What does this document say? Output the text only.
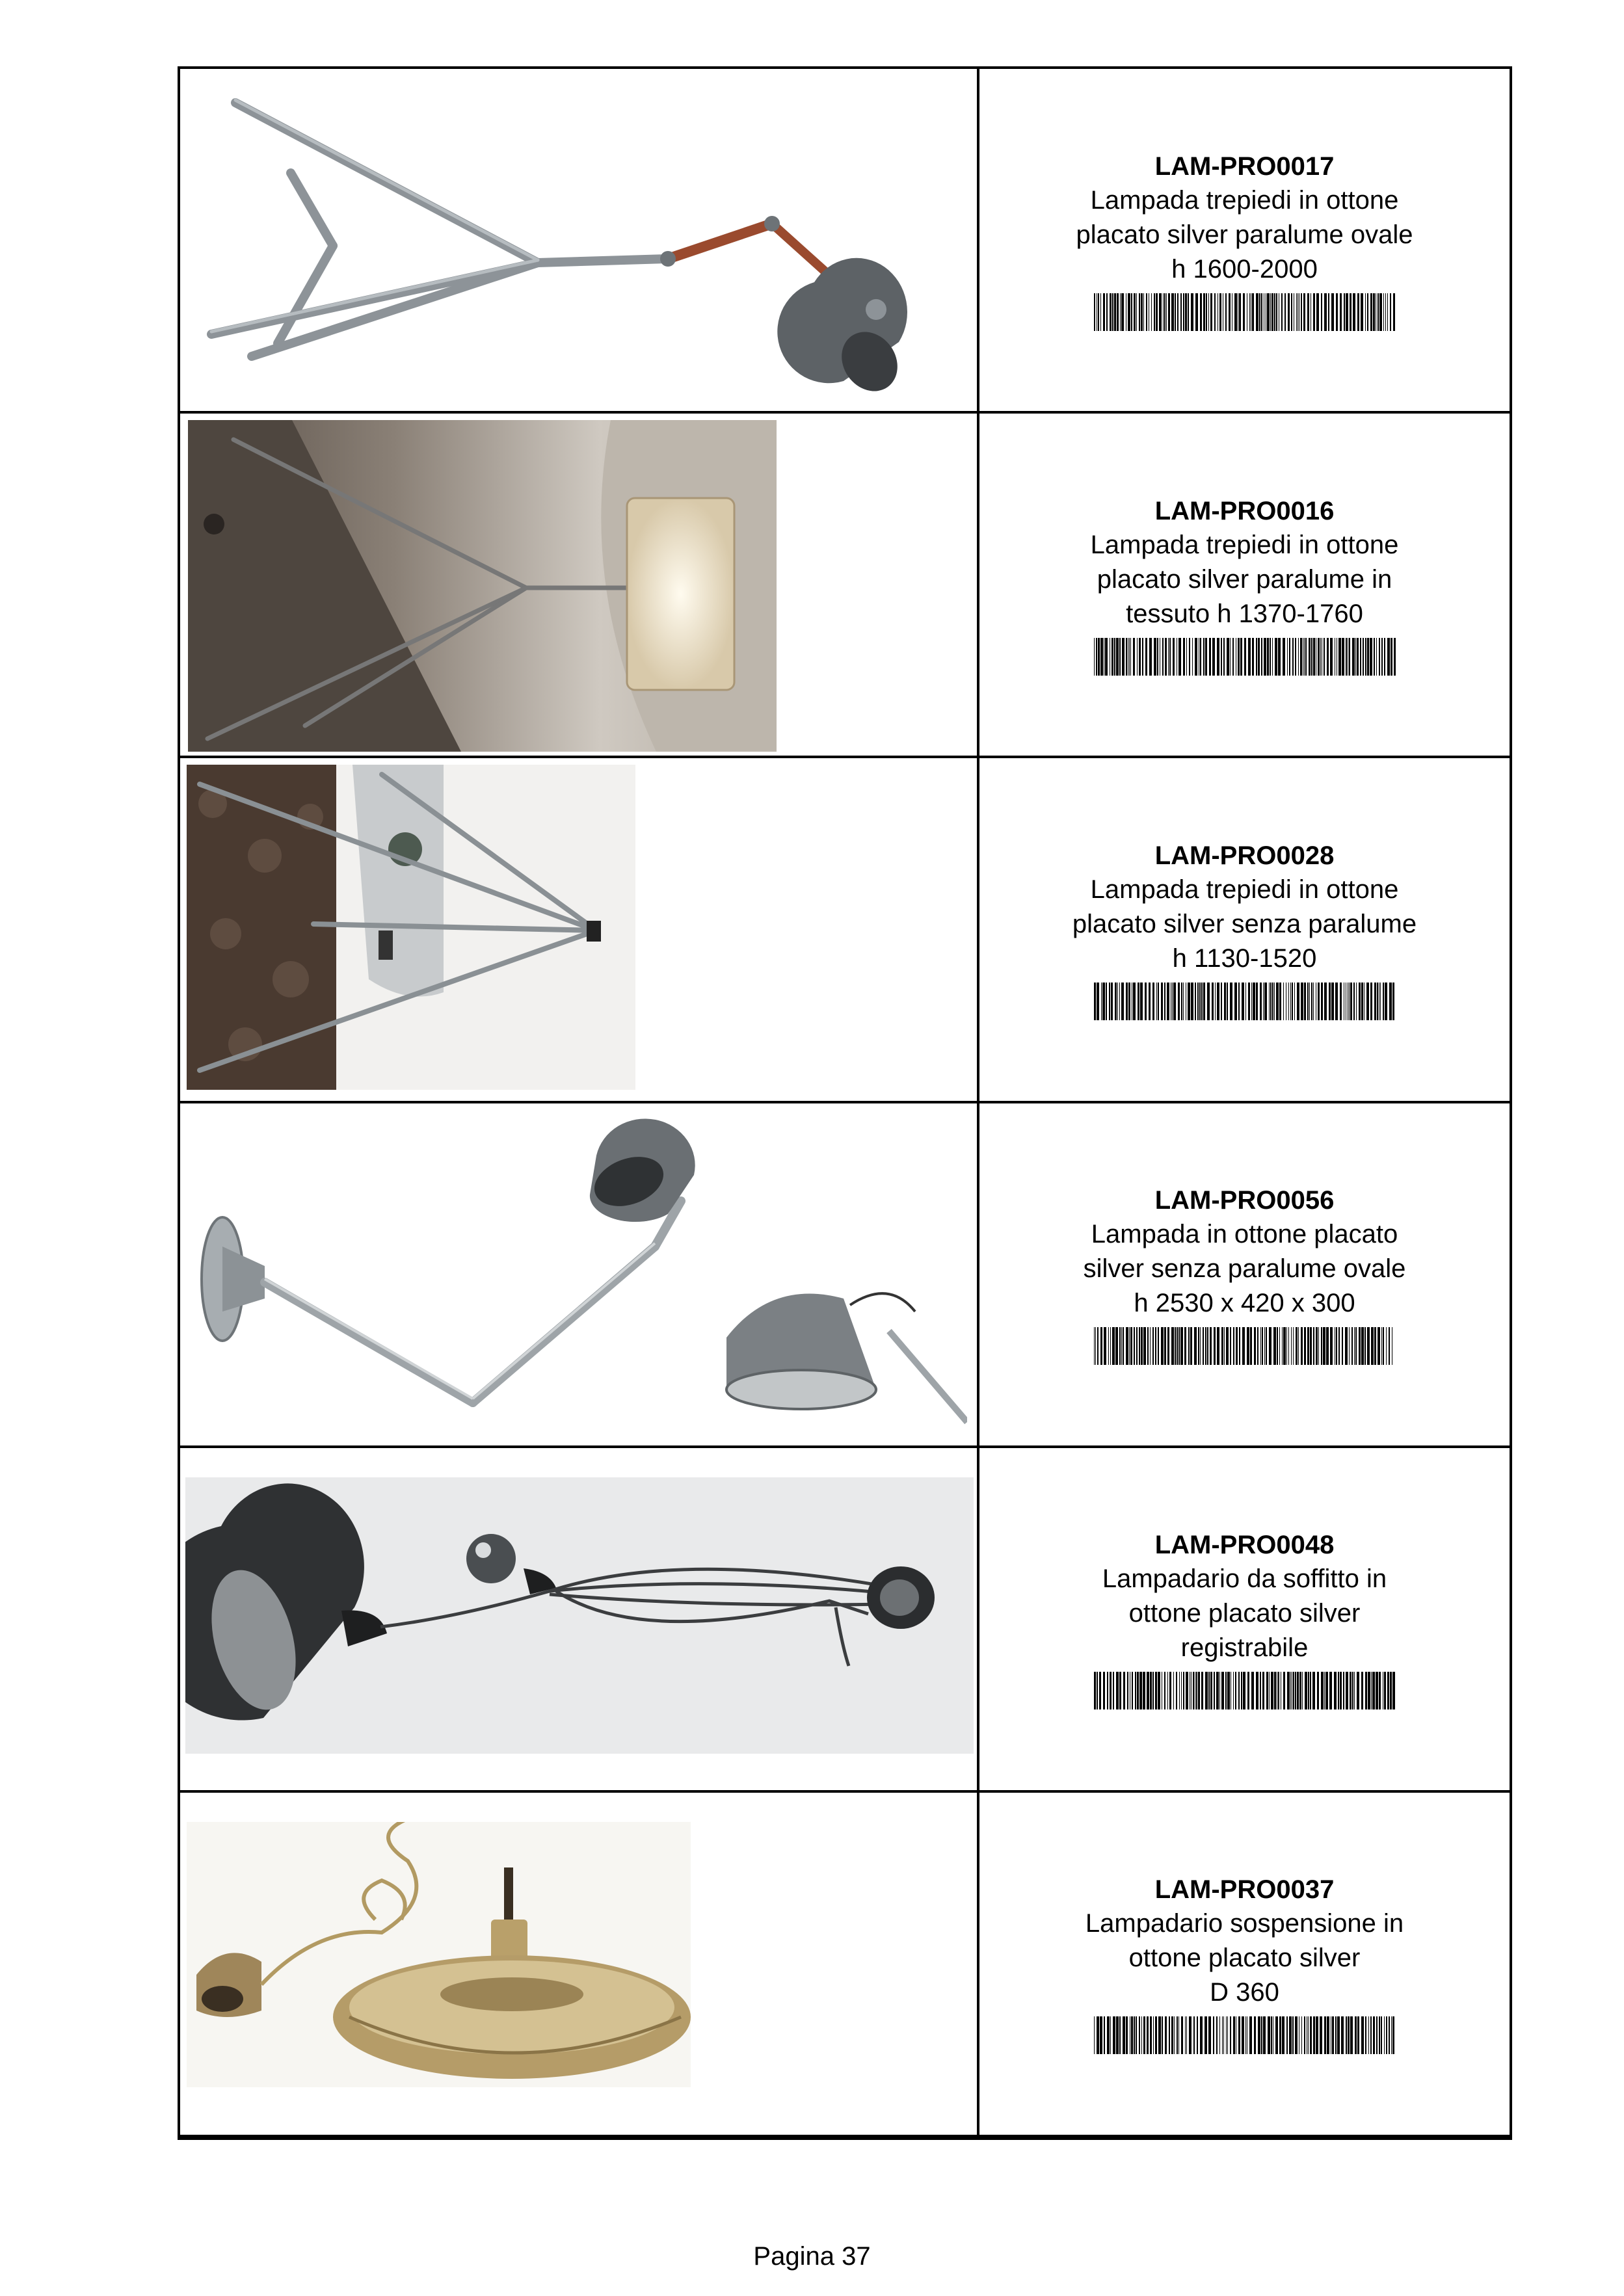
LAM-PRO0017
Lampada trepiedi in ottone
placato silver paralume ovale
h 1600-2000
LAM-PRO0016
Lampada trepiedi in ottone
placato silver paralume in
tessuto h 1370-1760
LAM-PRO0028
Lampada trepiedi in ottone
placato silver senza paralume
h 1130-1520
LAM-PRO0056
Lampada in ottone placato
silver senza paralume ovale
h 2530 x 420 x 300
LAM-PRO0048
Lampadario da soffitto in
ottone placato silver
registrabile
LAM-PRO0037
Lampadario sospensione in
ottone placato silver
D 360
Pagina 37
